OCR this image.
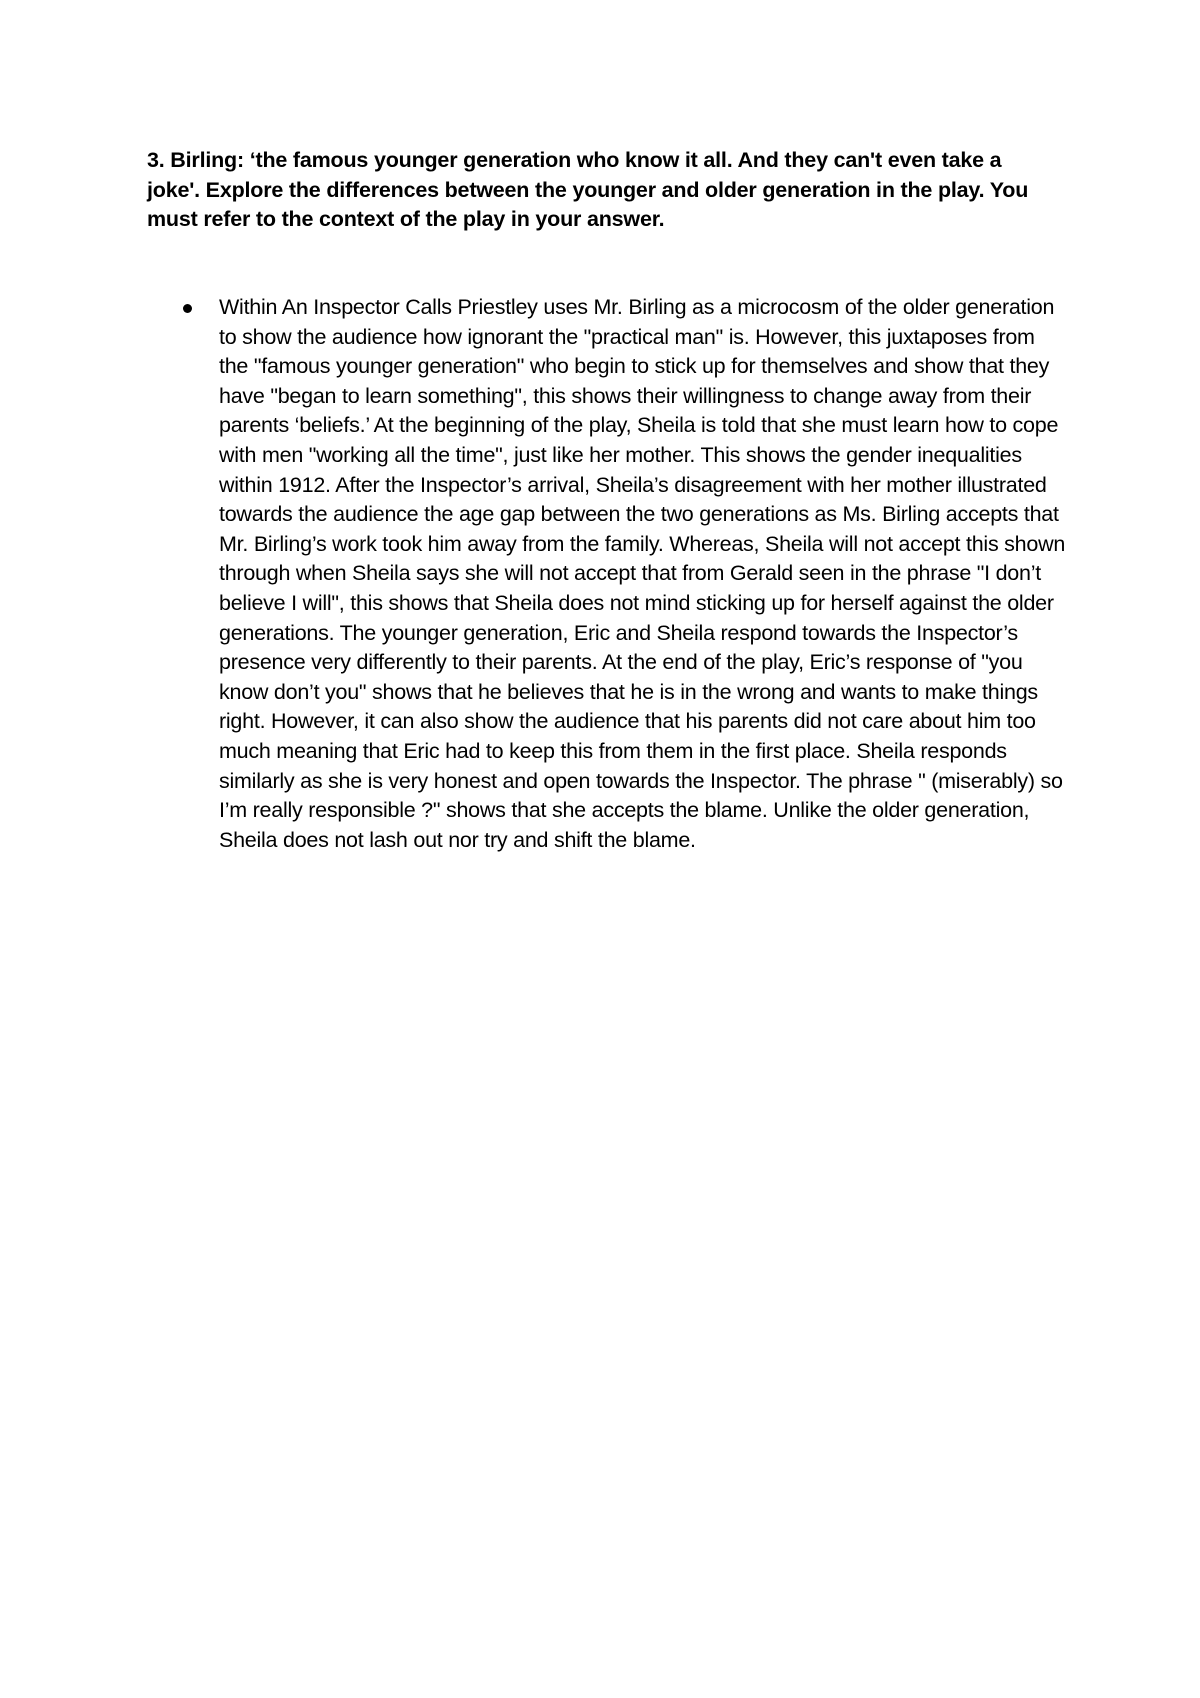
3. Birling: ‘the famous younger generation who know it all. And they can't even take a joke'. Explore the differences between the younger and older generation in the play. You must refer to the context of the play in your answer.

Within An Inspector Calls Priestley uses Mr. Birling as a microcosm of the older generation to show the audience how ignorant the "practical man" is. However, this juxtaposes from the "famous younger generation" who begin to stick up for themselves and show that they have "began to learn something", this shows their willingness to change away from their parents ‘beliefs.’ At the beginning of the play, Sheila is told that she must learn how to cope with men "working all the time", just like her mother. This shows the gender inequalities within 1912. After the Inspector’s arrival, Sheila’s disagreement with her mother illustrated towards the audience the age gap between the two generations as Ms. Birling accepts that Mr. Birling’s work took him away from the family. Whereas, Sheila will not accept this shown through when Sheila says she will not accept that from Gerald seen in the phrase "I don’t believe I will", this shows that Sheila does not mind sticking up for herself against the older generations. The younger generation, Eric and Sheila respond towards the Inspector’s presence very differently to their parents. At the end of the play, Eric’s response of "you know don’t you" shows that he believes that he is in the wrong and wants to make things right. However, it can also show the audience that his parents did not care about him too much meaning that Eric had to keep this from them in the first place. Sheila responds similarly as she is very honest and open towards the Inspector. The phrase " (miserably) so I’m really responsible ?" shows that she accepts the blame. Unlike the older generation, Sheila does not lash out nor try and shift the blame.
